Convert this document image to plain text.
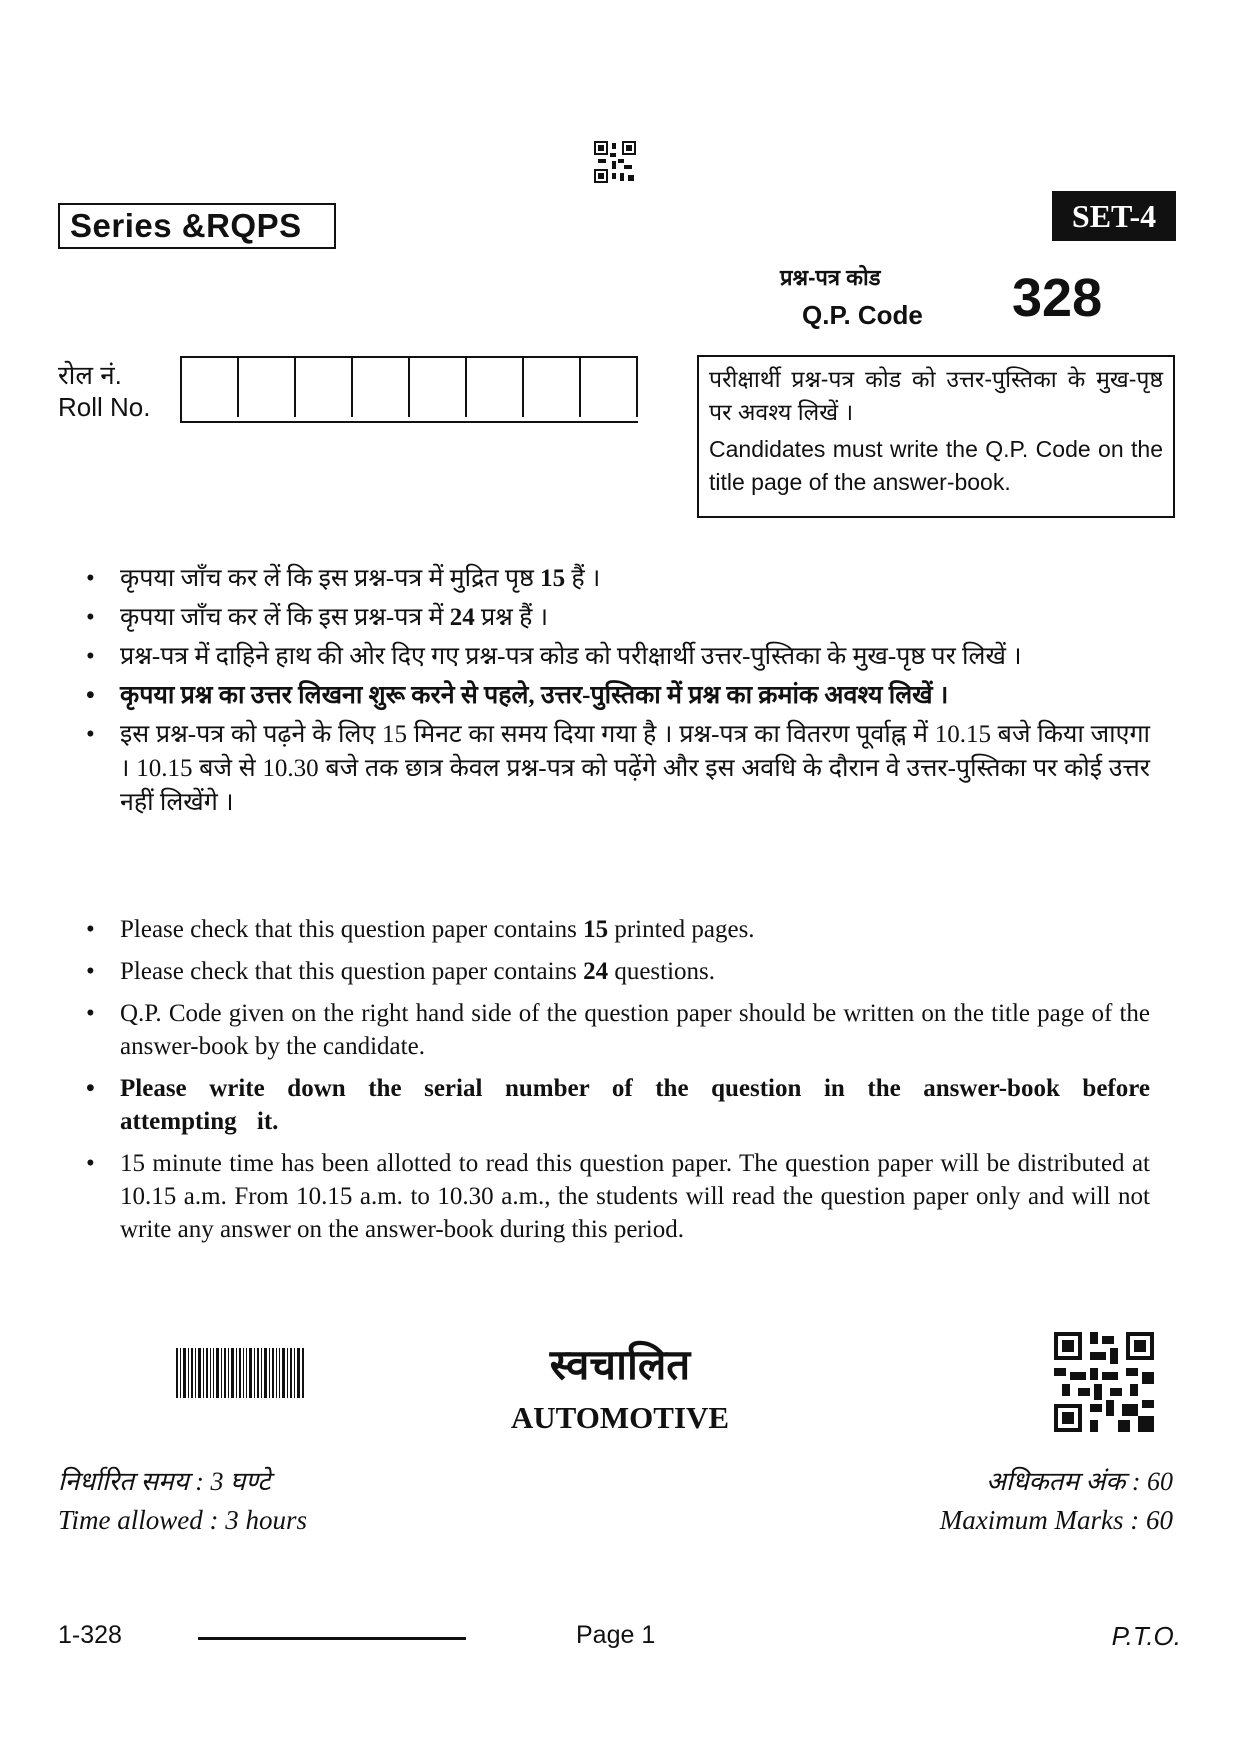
Series &RQPS	SET-4
प्रश्न-पत्र कोड
Q.P. Code 328
रोल नं.
Roll No.
परीक्षार्थी प्रश्न-पत्र कोड को उत्तर-पुस्तिका के मुख-पृष्ठ पर अवश्य लिखें ।
Candidates must write the Q.P. Code on the title page of the answer-book.

• कृपया जाँच कर लें कि इस प्रश्न-पत्र में मुद्रित पृष्ठ 15 हैं ।

• कृपया जाँच कर लें कि इस प्रश्न-पत्र में 24 प्रश्न हैं ।

• प्रश्न-पत्र में दाहिने हाथ की ओर दिए गए प्रश्न-पत्र कोड को परीक्षार्थी उत्तर-पुस्तिका के मुख-पृष्ठ पर लिखें ।

• कृपया प्रश्न का उत्तर लिखना शुरू करने से पहले, उत्तर-पुस्तिका में प्रश्न का क्रमांक अवश्य लिखें ।

• इस प्रश्न-पत्र को पढ़ने के लिए 15 मिनट का समय दिया गया है । प्रश्न-पत्र का वितरण पूर्वाह्न में 10.15 बजे किया जाएगा । 10.15 बजे से 10.30 बजे तक छात्र केवल प्रश्न-पत्र को पढ़ेंगे और इस अवधि के दौरान वे उत्तर-पुस्तिका पर कोई उत्तर नहीं लिखेंगे ।

• Please check that this question paper contains 15 printed pages.

• Please check that this question paper contains 24 questions.

• Q.P. Code given on the right hand side of the question paper should be written on the title page of the answer-book by the candidate.

• Please write down the serial number of the question in the answer-book before attempting it.

• 15 minute time has been allotted to read this question paper. The question paper will be distributed at 10.15 a.m. From 10.15 a.m. to 10.30 a.m., the students will read the question paper only and will not write any answer on the answer-book during this period.

स्वचालित
AUTOMOTIVE
निर्धारित समय : 3 घण्टे
Time allowed : 3 hours
अधिकतम अंक : 60
Maximum Marks : 60
1-328	Page 1	P.T.O.
